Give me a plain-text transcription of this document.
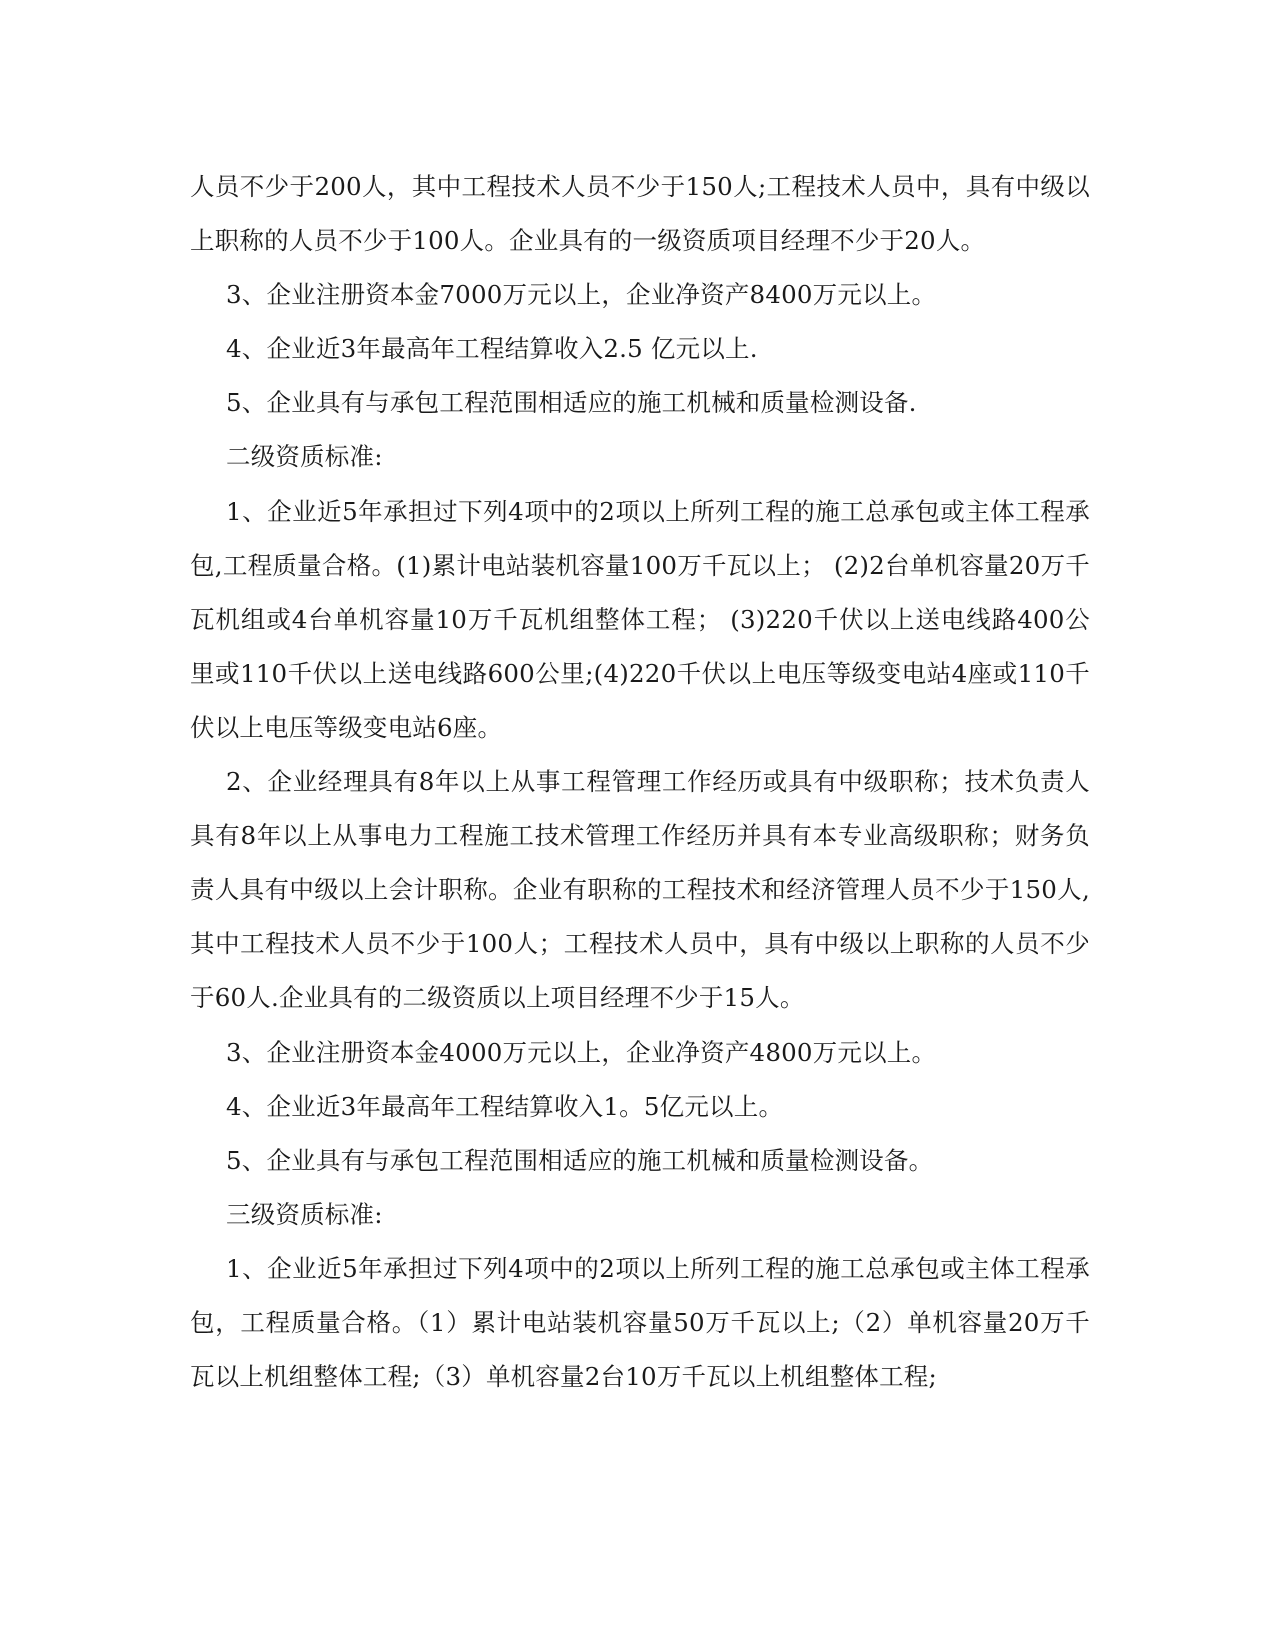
人员不少于200人，其中工程技术人员不少于150人;工程技术人员中，具有中级以上职称的人员不少于100人。企业具有的一级资质项目经理不少于20人。

3、企业注册资本金7000万元以上，企业净资产8400万元以上。

4、企业近3年最高年工程结算收入2.5 亿元以上.

5、企业具有与承包工程范围相适应的施工机械和质量检测设备.

二级资质标准:

1、企业近5年承担过下列4项中的2项以上所列工程的施工总承包或主体工程承包,工程质量合格。(1)累计电站装机容量100万千瓦以上； (2)2台单机容量20万千瓦机组或4台单机容量10万千瓦机组整体工程； (3)220千伏以上送电线路400公里或110千伏以上送电线路600公里;(4)220千伏以上电压等级变电站4座或110千伏以上电压等级变电站6座。

2、企业经理具有8年以上从事工程管理工作经历或具有中级职称；技术负责人具有8年以上从事电力工程施工技术管理工作经历并具有本专业高级职称；财务负责人具有中级以上会计职称。企业有职称的工程技术和经济管理人员不少于150人,其中工程技术人员不少于100人；工程技术人员中，具有中级以上职称的人员不少于60人.企业具有的二级资质以上项目经理不少于15人。

3、企业注册资本金4000万元以上，企业净资产4800万元以上。

4、企业近3年最高年工程结算收入1。5亿元以上。

5、企业具有与承包工程范围相适应的施工机械和质量检测设备。

三级资质标准:

1、企业近5年承担过下列4项中的2项以上所列工程的施工总承包或主体工程承包，工程质量合格。（1）累计电站装机容量50万千瓦以上;（2）单机容量20万千瓦以上机组整体工程;（3）单机容量2台10万千瓦以上机组整体工程;
